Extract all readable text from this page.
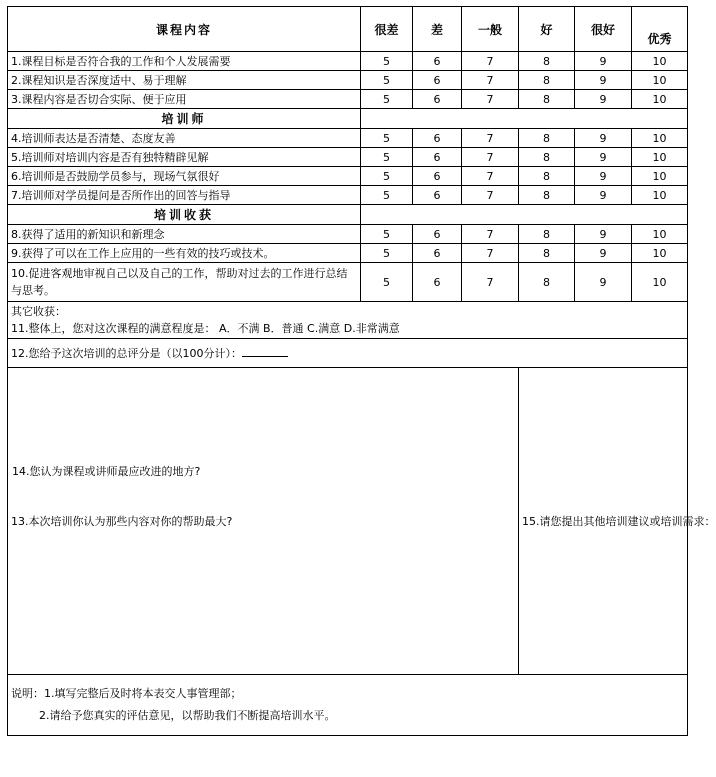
课程内容	很差	差	一般	好	很好	优秀
1.课程目标是否符合我的工作和个人发展需要	5	6	7	8	9	10
2.课程知识是否深度适中、易于理解	5	6	7	8	9	10
3.课程内容是否切合实际、便于应用	5	6	7	8	9	10
培训师						
4.培训师表达是否清楚、态度友善	5	6	7	8	9	10
5.培训师对培训内容是否有独特精辟见解	5	6	7	8	9	10
6.培训师是否鼓励学员参与，现场气氛很好	5	6	7	8	9	10
7.培训师对学员提问是否所作出的回答与指导	5	6	7	8	9	10
培训收获						
8.获得了适用的新知识和新理念	5	6	7	8	9	10
9.获得了可以在工作上应用的一些有效的技巧或技术。	5	6	7	8	9	10
10.促进客观地审视自己以及自己的工作，帮助对过去的工作进行总结与思考。	5	6	7	8	9	10

其它收获：
11.整体上，您对这次课程的满意程度是： A．不满 B．普通 C.满意 D.非常满意						

12.您给予这次培训的总评分是（以100分计）：						

13.本次培训你认为那些内容对你的帮助最大?
14.您认为课程或讲师最应改进的地方?				15.请您提出其他培训建议或培训需求：		

说明：1.填写完整后及时将本表交人事管理部；
2.请给予您真实的评估意见，以帮助我们不断提高培训水平。						
